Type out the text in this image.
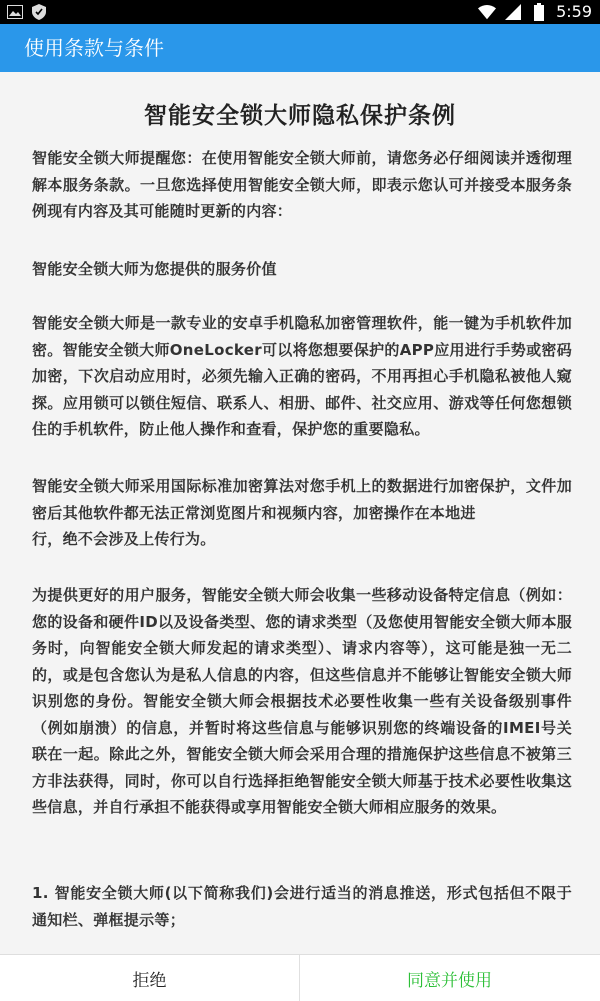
5:59
使用条款与条件
智能安全锁大师隐私保护条例
智能安全锁大师提醒您：在使用智能安全锁大师前，请您务必仔细阅读并透彻理解本服务条款。一旦您选择使用智能安全锁大师，即表示您认可并接受本服务条例现有内容及其可能随时更新的内容：
智能安全锁大师为您提供的服务价值
智能安全锁大师是一款专业的安卓手机隐私加密管理软件，能一键为手机软件加密。智能安全锁大师OneLocker可以将您想要保护的APP应用进行手势或密码加密，下次启动应用时，必须先输入正确的密码，不用再担心手机隐私被他人窥探。应用锁可以锁住短信、联系人、相册、邮件、社交应用、游戏等任何您想锁住的手机软件，防止他人操作和查看，保护您的重要隐私。
智能安全锁大师采用国际标准加密算法对您手机上的数据进行加密保护，文件加密后其他软件都无法正常浏览图片和视频内容，加密操作在本地进
行，绝不会涉及上传行为。
为提供更好的用户服务，智能安全锁大师会收集一些移动设备特定信息（例如：您的设备和硬件ID以及设备类型、您的请求类型（及您使用智能安全锁大师本服务时，向智能安全锁大师发起的请求类型）、请求内容等），这可能是独一无二的，或是包含您认为是私人信息的内容，但这些信息并不能够让智能安全锁大师识别您的身份。智能安全锁大师会根据技术必要性收集一些有关设备级别事件（例如崩溃）的信息，并暂时将这些信息与能够识别您的终端设备的IMEI号关联在一起。除此之外，智能安全锁大师会采用合理的措施保护这些信息不被第三方非法获得，同时，你可以自行选择拒绝智能安全锁大师基于技术必要性收集这些信息，并自行承担不能获得或享用智能安全锁大师相应服务的效果。
1. 智能安全锁大师(以下简称我们)会进行适当的消息推送，形式包括但不限于通知栏、弹框提示等；
拒绝	同意并使用
